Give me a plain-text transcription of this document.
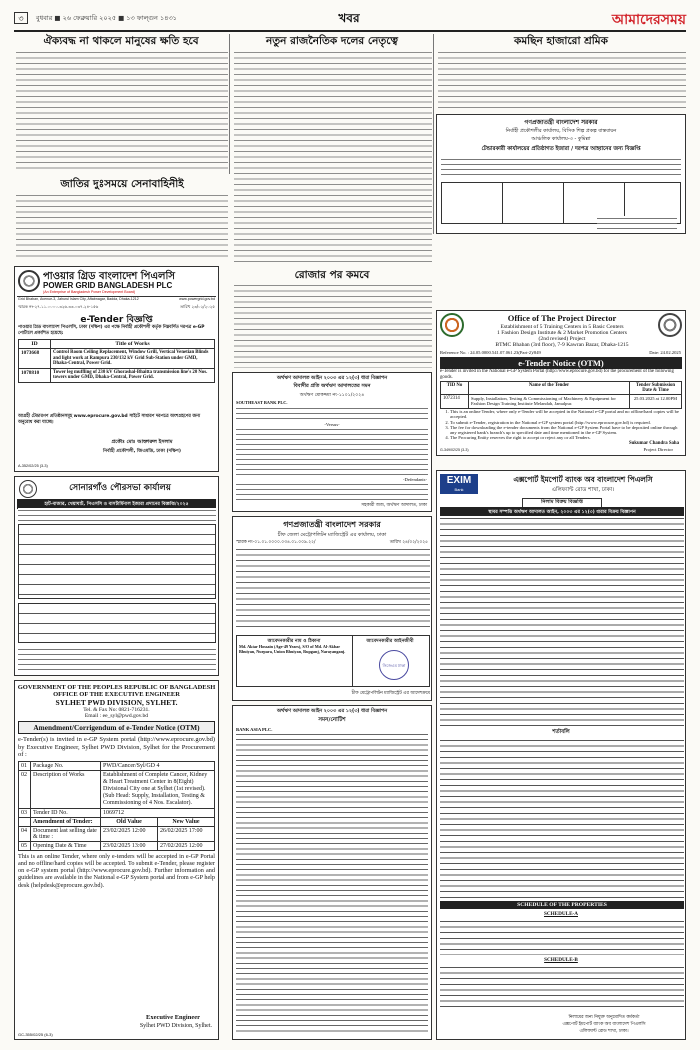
৩	বুধবার ■ ২৬ ফেব্রুয়ারি ২০২৫ ■ ১৩ ফাল্গুন ১৪৩১	খবর	আমাদেরসময়
ঐক্যবদ্ধ না থাকলে মানুষের ক্ষতি হবে
জাতির দুঃসময়ে সেনাবাহিনীই
নতুন রাজনৈতিক দলের নেতৃত্বে
রোজার পর কমবে
কমছিন হাজারো শ্রমিক
গণপ্রজাতন্ত্রী বাংলাদেশ সরকার
নির্বাহী প্রকৌশলীর কার্যালয়, বিসিক শিল্প প্রকল্প বাস্তবায়ন
আঞ্চলিক কার্যালয়-৩ - কুমিল্লা
টেন্ডারকারী কার্যালয়ের প্রতিষ্ঠাগত ইজারা / দরপত্র আহ্বানের জন্য বিজ্ঞপ্তি
পাওয়ার গ্রিড বাংলাদেশ পিএলসি
POWER GRID BANGLADESH PLC
(An Enterprise of Bangladesh Power Development Board)
Grid Bhaban, Avenue-3, Jahurul Islam City, Aftabnagar, Badda, Dhaka-1212	www.powergrid.gov.bd
স্মারক নং-২৭.১১.০০০০.৩২৬.৩৩.০৩৭.২৪-১৫৬	তারিখ ২৩/০২/২০২৫
e-Tender বিজ্ঞপ্তি
পাওয়ার গ্রিড বাংলাদেশ পিএলসি, ঢাকা (দক্ষিণ) এর পক্ষে নির্বাহী প্রকৌশলী কর্তৃক নিম্নবর্ণিত দরপত্র e-GP পোর্টালে প্রকাশিত হয়েছে:
ID	Title of Works
1073668	Control Room Ceiling Replacement, Window Grill, Vertical Venetian Blinds and light work at Rampura 230/132 kV Grid Sub-Station under GMD, Dhaka-Central, Power Grid.
1078810	Tower leg muffling of 230 kV Ghorashal-Bhaitta transmission line's 20 Nos. towers under GMD, Dhaka-Central, Power Grid.
আগ্রহী টেন্ডারগণ প্রতিষ্ঠানসমূহ www.eprocure.gov.bd সাইটে সাধারণ দরপত্রে অংশগ্রহণের জন্য অনুরোধ করা যাচ্ছে।
প্রকৌঃ মোঃ আক্তারুল ইসলাম
নির্বাহী প্রকৌশলী, জিএমডি, ঢাকা (দক্ষিণ)
A-352/02/25 (3-3)
অর্থঋণ আদালত আইন ২০০৩ এর ১২(৩) ধারা বিজ্ঞাপন
বিবাদীর প্রতি অর্থঋণ আদালতের সমন
অর্থঋণ মোকদ্দমা নং-১১০১/২০২৪
SOUTHEAST BANK PLC.
-Versus-
-Defendants-
সহকারী জজ, অর্থঋণ আদালত, ঢাকা
Office of The Project Director
Establishment of 5 Training Centers in 5 Basic Centers
1 Fashion Design Institute & 2 Market Promotion Centers
(2nd revised) Project
BTMC Bhaban (3rd floor), 7-9 Kawran Bazar, Dhaka-1215
Reference No. : 24.05.0000.541.07.061.23(Part-2)/849	Date: 24.02.2025
e-Tender Notice (OTM)
e-Tender is invited in the National e-GP System Portal (http://www.eprocure.gov.bd) for the procurement of the following goods.
TID No	Name of the Tender	Tender Submission Date & Time
1072314	Supply, Installation, Testing & Commissioning of Machinery & Equipment for Fashion Design Training Institute Melandah, Jamalpur.	25.03.2025 at 12.00PM
1. This is an online Tender, where only e-Tender will be accepted in the National e-GP portal and no offline/hard copies will be accepted.
2. To submit e-Tender, registration in the National e-GP system portal (http://www.eprocure.gov.bd) is required.
3. The fee for downloading the e-tender documents from the National e-GP System Portal have to be deposited online through any registered bank's branch's up to specified date and time mentioned in the e-GP System.
4. The Procuring Entity reserves the right to accept or reject any or all Tenders.
Sukumar Chandra Saha
Project Director
G-349/02/25 (3-3)
সোনারগাঁও পৌরসভা কার্যালয়
হাট-বাজার, খেয়াঘাট, পিএসসি ও বাসটার্মিনাল ইজারা প্রদানের বিজ্ঞপ্তি/২০২৫
গণপ্রজাতন্ত্রী বাংলাদেশ সরকার
চীফ জেলা মেট্রোপলিটন ম্যাজিস্ট্রেট এর কার্যালয়, ঢাকা
স্মারক নং-০১.০১.০০০০.০৩৪.০১.০০৯.২২/	তারিখ ২৪/০২/২০২৫
আবেদনকারীর নাম ও ঠিকানা	আবেদনকারীর আইনজীবী
Md. Aktar Hossain (Age-49 Years), S/O of Md. Al-Akbar Bhuiyan, Nurpara, Union Bhuiyan, Rupganj, Narayanganj.
সিজেএম ঢাকা
চীফ মেট্রোপলিটন ম্যাজিস্ট্রেট এর আদেশক্রমে
GOVERNMENT OF THE PEOPLES REPUBLIC OF BANGLADESH
OFFICE OF THE EXECUTIVE ENGINEER
SYLHET PWD DIVISION, SYLHET.
Tel. & Fax No: 0821-716231.
Email : ee_syl@pwd.gov.bd
Amendment/Corrigendum of e-Tender Notice (OTM)
e-Tender(s) is invited in e-GP System portal (http://www.eprocure.gov.bd) by Executive Engineer, Sylhet PWD Division, Sylhet for the Procurement of :
01	Package No.	PWD/Cancer/Syl/GD 4	
02	Description of Works	Establishment of Complete Cancer, Kidney & Heart Treatment Center in 8(Eight) Divisional City one at Sylhet (1st revised).(Sub Head: Supply, Installation, Testing & Commissioning of 4 Nos. Escalator).	
03	Tender ID No.	1069712	
	Amendment of Tender:	Old Value	New Value
04	Document last selling date & time :	23/02/2025 12:00	26/02/2025 17:00
05	Opening Date & Time	23/02/2025 13:00	27/02/2025 12:00
This is an online Tender, where only e-tenders will be accepted in e-GP Portal and no offline/hard copies will be accepted. To submit e-Tender, please register on e-GP system portal (http://www.eprocure.gov.bd). Further information and guidelines are available in the National e-GP System portal and from e-GP help desk (helpdesk@eprocure.gov.bd).
Executive Engineer
Sylhet PWD Division, Sylhet.
GC-355/02/25 (6-3)
অর্থঋণ আদালত আইন ২০০৩ এর ১২(৩) ধারা বিজ্ঞাপন
সমন/নোটিশ
BANK ASIA PLC.
EXIM
Bank
এক্সপোর্ট ইমপোর্ট ব্যাংক অব বাংলাদেশ পিএলসি
এলিফ্যান্ট রোড শাখা, ঢাকা।
নিলাম বিক্রয় বিজ্ঞপ্তি
স্থাবর সম্পত্তি অর্থঋণ আদালত আইন, ২০০৩ এর ১২(৩) ধারার বিক্রয় বিজ্ঞাপন
শর্তাবলি
SCHEDULE OF THE PROPERTIES
SCHEDULE-A
SCHEDULE-B
নিলামের জন্য নিযুক্ত অনুমোদিত কর্মকর্তা
এক্সপোর্ট ইমপোর্ট ব্যাংক অব বাংলাদেশ পিএলসি
এলিফ্যান্ট রোড শাখা, ঢাকা।
